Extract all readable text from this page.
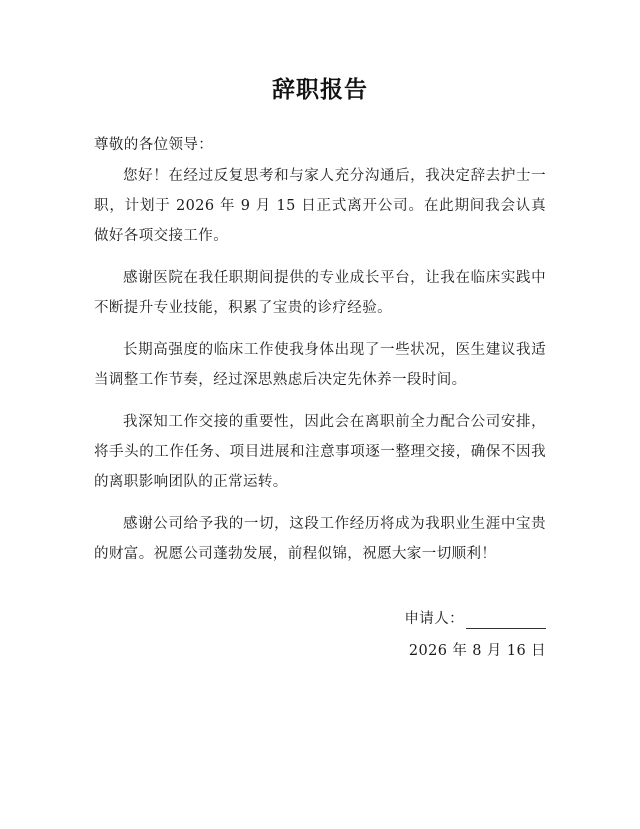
辞职报告

尊敬的各位领导：

您好！在经过反复思考和与家人充分沟通后，我决定辞去护士一职，计划于 2026 年 9 月 15 日正式离开公司。在此期间我会认真做好各项交接工作。

感谢医院在我任职期间提供的专业成长平台，让我在临床实践中不断提升专业技能，积累了宝贵的诊疗经验。

长期高强度的临床工作使我身体出现了一些状况，医生建议我适当调整工作节奏，经过深思熟虑后决定先休养一段时间。

我深知工作交接的重要性，因此会在离职前全力配合公司安排，将手头的工作任务、项目进展和注意事项逐一整理交接，确保不因我的离职影响团队的正常运转。

感谢公司给予我的一切，这段工作经历将成为我职业生涯中宝贵的财富。祝愿公司蓬勃发展，前程似锦，祝愿大家一切顺利！

申请人：
2026 年 8 月 16 日
